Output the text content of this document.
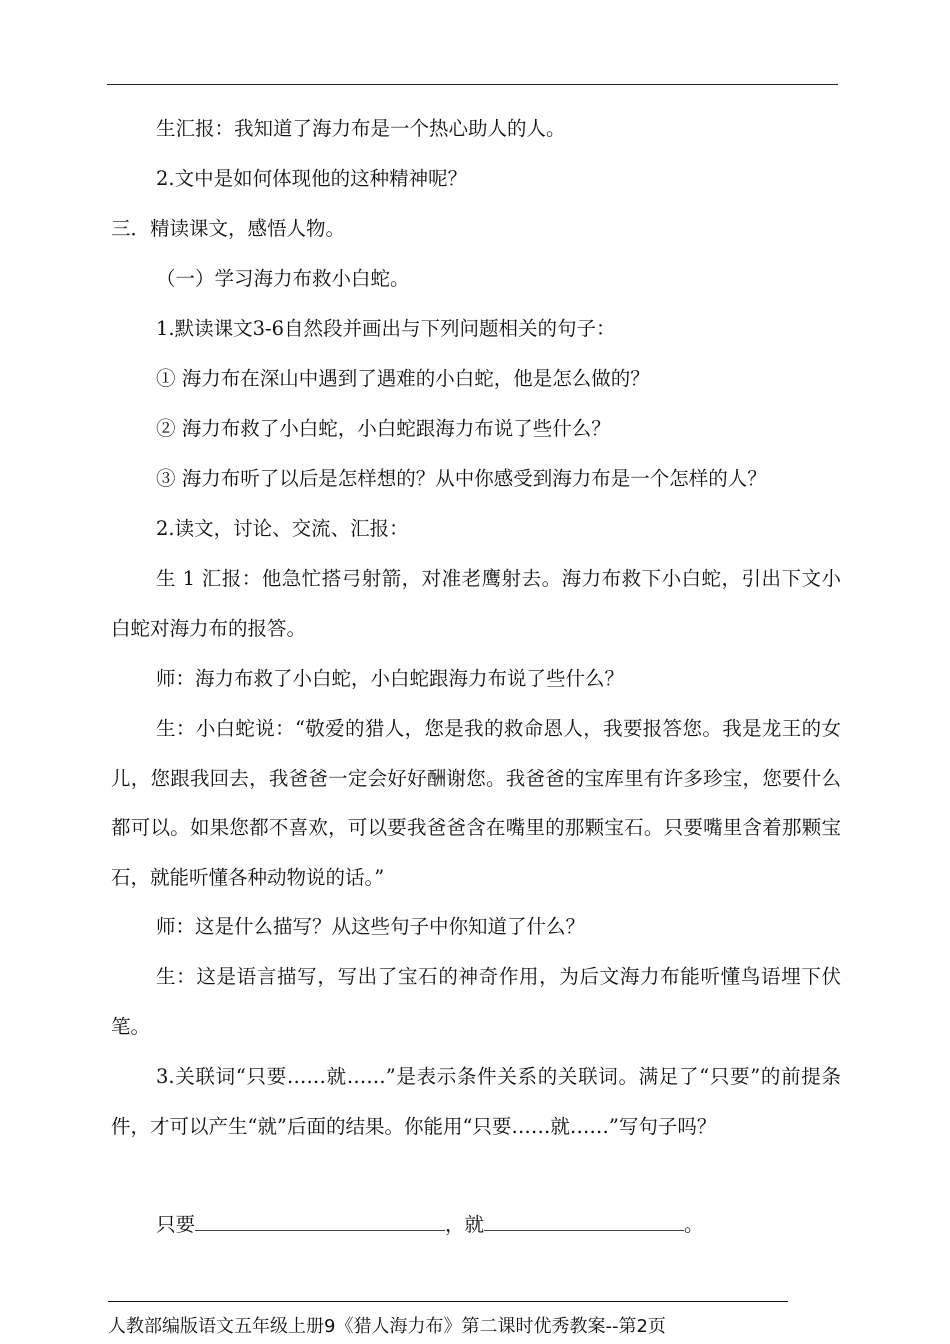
生汇报：我知道了海力布是一个热心助人的人。

2.文中是如何体现他的这种精神呢？

三．精读课文，感悟人物。

（一）学习海力布救小白蛇。

1.默读课文3-6自然段并画出与下列问题相关的句子：

① 海力布在深山中遇到了遇难的小白蛇，他是怎么做的？

② 海力布救了小白蛇，小白蛇跟海力布说了些什么？

③ 海力布听了以后是怎样想的？从中你感受到海力布是一个怎样的人？

2.读文，讨论、交流、汇报：

生 1 汇报：他急忙搭弓射箭，对准老鹰射去。海力布救下小白蛇，引出下文小白蛇对海力布的报答。

师：海力布救了小白蛇，小白蛇跟海力布说了些什么？

生：小白蛇说：“敬爱的猎人，您是我的救命恩人，我要报答您。我是龙王的女儿，您跟我回去，我爸爸一定会好好酬谢您。我爸爸的宝库里有许多珍宝，您要什么都可以。如果您都不喜欢，可以要我爸爸含在嘴里的那颗宝石。只要嘴里含着那颗宝石，就能听懂各种动物说的话。”

师：这是什么描写？从这些句子中你知道了什么？

生：这是语言描写，写出了宝石的神奇作用，为后文海力布能听懂鸟语埋下伏笔。

3.关联词“只要……就……”是表示条件关系的关联词。满足了“只要”的前提条件，才可以产生“就”后面的结果。你能用“只要……就……”写句子吗？

只要	，就	。

人教部编版语文五年级上册9《猎人海力布》第二课时优秀教案--第2页
